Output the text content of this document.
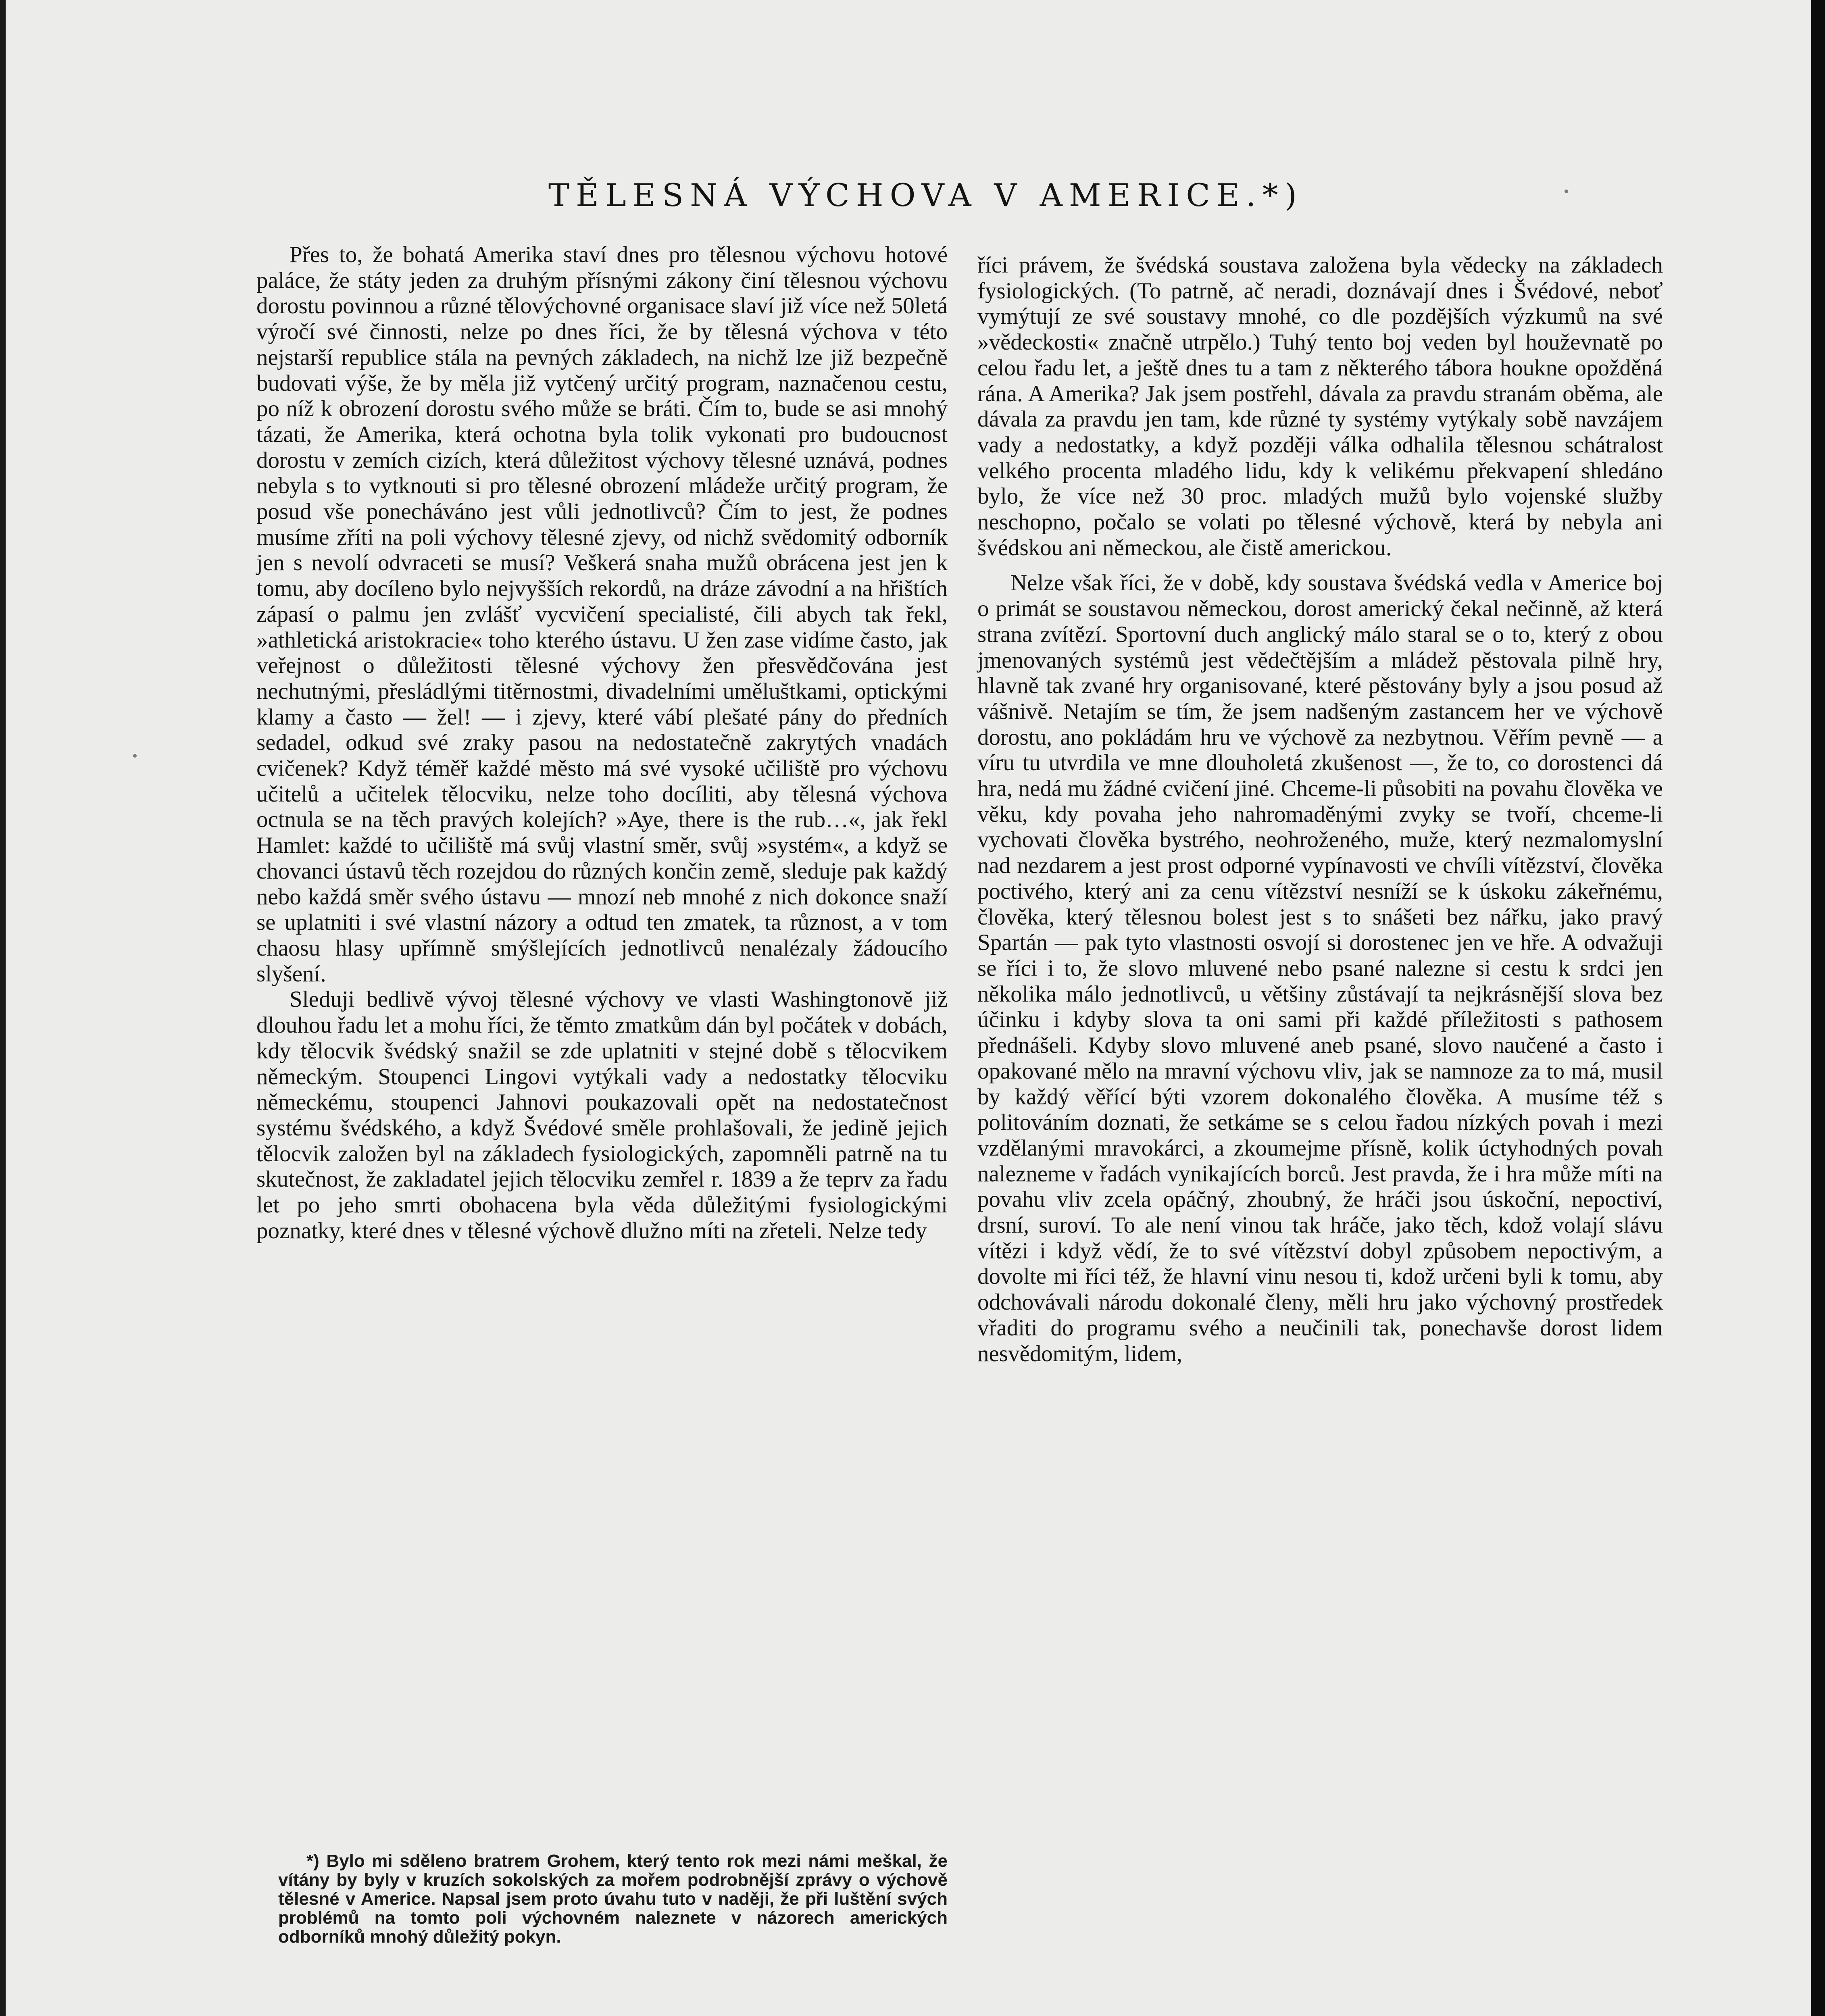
TĚLESNÁ VÝCHOVA V AMERICE.*)

Přes to, že bohatá Amerika staví dnes pro tělesnou výchovu hotové paláce, že státy jeden za druhým přísnými zákony činí tělesnou výchovu dorostu povinnou a různé tělovýchovné organisace slaví již více než 50letá výročí své činnosti, nelze po dnes říci, že by tělesná výchova v této nejstarší republice stála na pevných základech, na nichž lze již bezpečně budovati výše, že by měla již vytčený určitý program, naznačenou cestu, po níž k obrození dorostu svého může se bráti. Čím to, bude se asi mnohý tázati, že Amerika, která ochotna byla tolik vykonati pro budoucnost dorostu v zemích cizích, která důležitost výchovy tělesné uznává, podnes nebyla s to vytknouti si pro tělesné obrození mládeže určitý program, že posud vše ponecháváno jest vůli jednotlivců? Čím to jest, že podnes musíme zříti na poli výchovy tělesné zjevy, od nichž svědomitý odborník jen s nevolí odvraceti se musí? Veškerá snaha mužů obrácena jest jen k tomu, aby docíleno bylo nejvyšších rekordů, na dráze závodní a na hřištích zápasí o palmu jen zvlášť vycvičení specialisté, čili abych tak řekl, »athletická aristokracie« toho kterého ústavu. U žen zase vidíme často, jak veřejnost o důležitosti tělesné výchovy žen přesvědčována jest nechutnými, přesládlými titěrnostmi, divadelními uměluštkami, optickými klamy a často — žel! — i zjevy, které vábí plešaté pány do předních sedadel, odkud své zraky pasou na nedostatečně zakrytých vnadách cvičenek? Když téměř každé město má své vysoké učiliště pro výchovu učitelů a učitelek tělocviku, nelze toho docíliti, aby tělesná výchova octnula se na těch pravých kolejích? »Aye, there is the rub…«, jak řekl Hamlet: každé to učiliště má svůj vlastní směr, svůj »systém«, a když se chovanci ústavů těch rozejdou do různých končin země, sleduje pak každý nebo každá směr svého ústavu — mnozí neb mnohé z nich dokonce snaží se uplatniti i své vlastní názory a odtud ten zmatek, ta různost, a v tom chaosu hlasy upřímně smýšlejících jednotlivců nenalézaly žádoucího slyšení.

Sleduji bedlivě vývoj tělesné výchovy ve vlasti Washingtonově již dlouhou řadu let a mohu říci, že těmto zmatkům dán byl počátek v dobách, kdy tělocvik švédský snažil se zde uplatniti v stejné době s tělocvikem německým. Stoupenci Lingovi vytýkali vady a nedostatky tělocviku německému, stoupenci Jahnovi poukazovali opět na nedostatečnost systému švédského, a když Švédové směle prohlašovali, že jedině jejich tělocvik založen byl na základech fysiologických, zapomněli patrně na tu skutečnost, že zakladatel jejich tělocviku zemřel r. 1839 a že teprv za řadu let po jeho smrti obohacena byla věda důležitými fysiologickými poznatky, které dnes v tělesné výchově dlužno míti na zřeteli. Nelze tedy

*) Bylo mi sděleno bratrem Grohem, který tento rok mezi námi meškal, že vítány by byly v kruzích sokolských za mořem podrobnější zprávy o výchově tělesné v Americe. Napsal jsem proto úvahu tuto v naději, že při luštění svých problémů na tomto poli výchovném naleznete v názorech amerických odborníků mnohý důležitý pokyn.

říci právem, že švédská soustava založena byla vědecky na základech fysiologických. (To patrně, ač neradi, doznávají dnes i Švédové, neboť vymýtují ze své soustavy mnohé, co dle pozdějších výzkumů na své »vědeckosti« značně utrpělo.) Tuhý tento boj veden byl houževnatě po celou řadu let, a ještě dnes tu a tam z některého tábora houkne opožděná rána. A Amerika? Jak jsem postřehl, dávala za pravdu stranám oběma, ale dávala za pravdu jen tam, kde různé ty systémy vytýkaly sobě navzájem vady a nedostatky, a když později válka odhalila tělesnou schátralost velkého procenta mladého lidu, kdy k velikému překvapení shledáno bylo, že více než 30 proc. mladých mužů bylo vojenské služby neschopno, počalo se volati po tělesné výchově, která by nebyla ani švédskou ani německou, ale čistě americkou.

Nelze však říci, že v době, kdy soustava švédská vedla v Americe boj o primát se soustavou německou, dorost americký čekal nečinně, až která strana zvítězí. Sportovní duch anglický málo staral se o to, který z obou jmenovaných systémů jest vědečtějším a mládež pěstovala pilně hry, hlavně tak zvané hry organisované, které pěstovány byly a jsou posud až vášnivě. Netajím se tím, že jsem nadšeným zastancem her ve výchově dorostu, ano pokládám hru ve výchově za nezbytnou. Věřím pevně — a víru tu utvrdila ve mne dlouholetá zkušenost —, že to, co dorostenci dá hra, nedá mu žádné cvičení jiné. Chceme-li působiti na povahu člověka ve věku, kdy povaha jeho nahromaděnými zvyky se tvoří, chceme-li vychovati člověka bystrého, neohroženého, muže, který nezmalomyslní nad nezdarem a jest prost odporné vypínavosti ve chvíli vítězství, člověka poctivého, který ani za cenu vítězství nesníží se k úskoku zákeřnému, člověka, který tělesnou bolest jest s to snášeti bez nářku, jako pravý Spartán — pak tyto vlastnosti osvojí si dorostenec jen ve hře. A odvažuji se říci i to, že slovo mluvené nebo psané nalezne si cestu k srdci jen několika málo jednotlivců, u většiny zůstávají ta nejkrásnější slova bez účinku i kdyby slova ta oni sami při každé příležitosti s pathosem přednášeli. Kdyby slovo mluvené aneb psané, slovo naučené a často i opakované mělo na mravní výchovu vliv, jak se namnoze za to má, musil by každý věřící býti vzorem dokonalého člověka. A musíme též s politováním doznati, že setkáme se s celou řadou nízkých povah i mezi vzdělanými mravokárci, a zkoumejme přísně, kolik úctyhodných povah nalezneme v řadách vynikajících borců. Jest pravda, že i hra může míti na povahu vliv zcela opáčný, zhoubný, že hráči jsou úskoční, nepoctiví, drsní, suroví. To ale není vinou tak hráče, jako těch, kdož volají slávu vítězi i když vědí, že to své vítězství dobyl způsobem nepoctivým, a dovolte mi říci též, že hlavní vinu nesou ti, kdož určeni byli k tomu, aby odchovávali národu dokonalé členy, měli hru jako výchovný prostředek vřaditi do programu svého a neučinili tak, ponechavše dorost lidem nesvědomitým, lidem,
